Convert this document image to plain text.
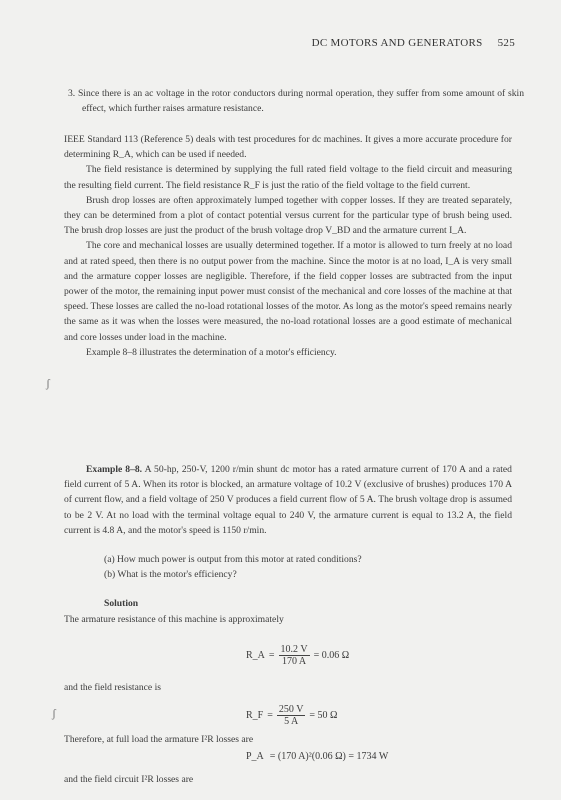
DC MOTORS AND GENERATORS 525
3. Since there is an ac voltage in the rotor conductors during normal operation, they suffer from some amount of skin effect, which further raises armature resistance.

IEEE Standard 113 (Reference 5) deals with test procedures for dc machines. It gives a more accurate procedure for determining R_A, which can be used if needed.

The field resistance is determined by supplying the full rated field voltage to the field circuit and measuring the resulting field current. The field resistance R_F is just the ratio of the field voltage to the field current.

Brush drop losses are often approximately lumped together with copper losses. If they are treated separately, they can be determined from a plot of contact potential versus current for the particular type of brush being used. The brush drop losses are just the product of the brush voltage drop V_BD and the armature current I_A.

The core and mechanical losses are usually determined together. If a motor is allowed to turn freely at no load and at rated speed, then there is no output power from the machine. Since the motor is at no load, I_A is very small and the armature copper losses are negligible. Therefore, if the field copper losses are subtracted from the input power of the motor, the remaining input power must consist of the mechanical and core losses of the machine at that speed. These losses are called the no-load rotational losses of the motor. As long as the motor's speed remains nearly the same as it was when the losses were measured, the no-load rotational losses are a good estimate of mechanical and core losses under load in the machine.

Example 8–8 illustrates the determination of a motor's efficiency.

ʃ
Example 8–8. A 50-hp, 250-V, 1200 r/min shunt dc motor has a rated armature current of 170 A and a rated field current of 5 A. When its rotor is blocked, an armature voltage of 10.2 V (exclusive of brushes) produces 170 A of current flow, and a field voltage of 250 V produces a field current flow of 5 A. The brush voltage drop is assumed to be 2 V. At no load with the terminal voltage equal to 240 V, the armature current is equal to 13.2 A, the field current is 4.8 A, and the motor's speed is 1150 r/min.
(a) How much power is output from this motor at rated conditions?
(b) What is the motor's efficiency?
Solution
The armature resistance of this machine is approximately
R_A = $\frac{10.2 V}{170 A} = 0.06$ Ω
and the field resistance is
R_F = $\frac{250 V}{5 A} = 50$ Ω
Therefore, at full load the armature I²R losses are
P_A = (170 A)²(0.06 Ω) = 1734 W
and the field circuit I²R losses are
ʃ
